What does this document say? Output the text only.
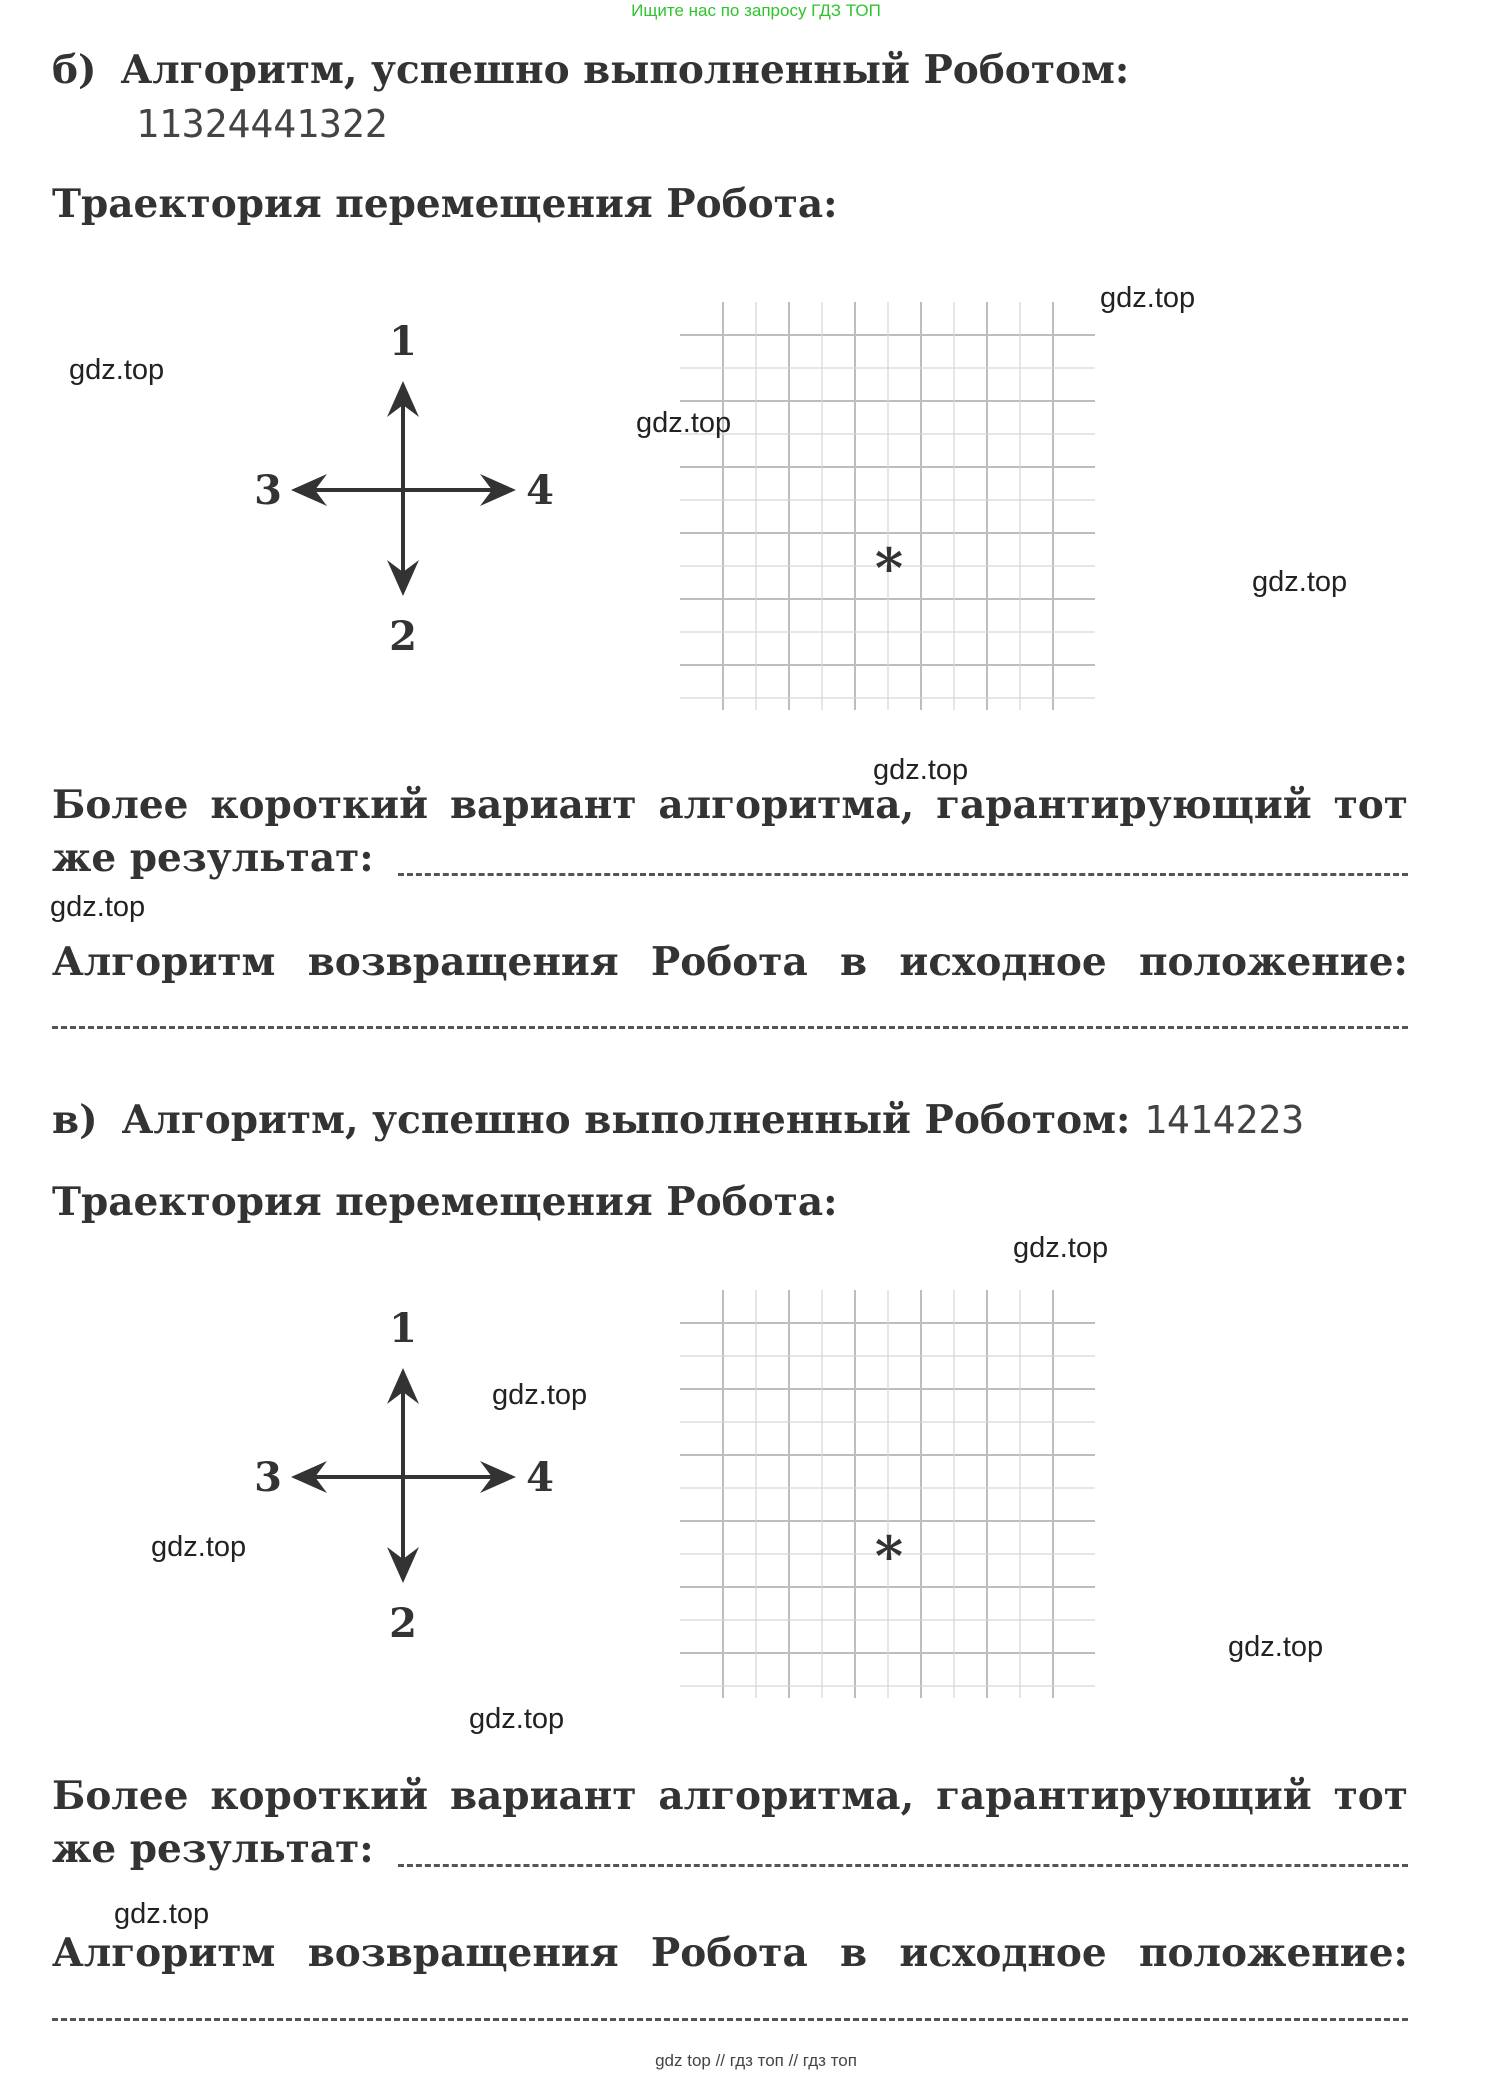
Ищите нас по запросу ГДЗ ТОП
б) Алгоритм, успешно выполненный Роботом:
11324441322
Траектория перемещения Робота:
1
2
3	4
*
Более короткий вариант алгоритма, гарантирующий тот
же результат:
Алгоритм возвращения Робота в исходное положение:
в) Алгоритм, успешно выполненный Роботом: 1414223
Траектория перемещения Робота:
1
2
3	4
*
Более короткий вариант алгоритма, гарантирующий тот
же результат:
Алгоритм возвращения Робота в исходное положение:
gdz.top
gdz.top
gdz.top
gdz.top
gdz.top
gdz.top
gdz.top
gdz.top
gdz.top
gdz.top
gdz.top
gdz.top
gdz top // гдз топ // гдз топ
